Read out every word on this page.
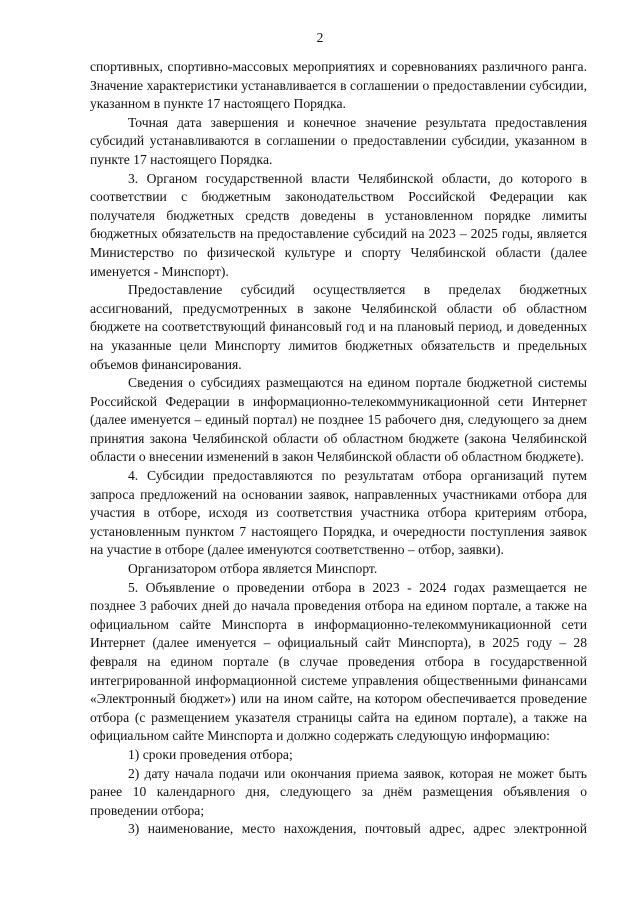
2

спортивных, спортивно-массовых мероприятиях и соревнованиях различного ранга. Значение характеристики устанавливается в соглашении о предоставлении субсидии, указанном в пункте 17 настоящего Порядка.

Точная дата завершения и конечное значение результата предоставления субсидий устанавливаются в соглашении о предоставлении субсидии, указанном в пункте 17 настоящего Порядка.

3. Органом государственной власти Челябинской области, до которого в соответствии с бюджетным законодательством Российской Федерации как получателя бюджетных средств доведены в установленном порядке лимиты бюджетных обязательств на предоставление субсидий на 2023 – 2025 годы, является Министерство по физической культуре и спорту Челябинской области (далее именуется - Минспорт).

Предоставление субсидий осуществляется в пределах бюджетных ассигнований, предусмотренных в законе Челябинской области об областном бюджете на соответствующий финансовый год и на плановый период, и доведенных на указанные цели Минспорту лимитов бюджетных обязательств и предельных объемов финансирования.

Сведения о субсидиях размещаются на едином портале бюджетной системы Российской Федерации в информационно-телекоммуникационной сети Интернет (далее именуется – единый портал) не позднее 15 рабочего дня, следующего за днем принятия закона Челябинской области об областном бюджете (закона Челябинской области о внесении изменений в закон Челябинской области об областном бюджете).

4. Субсидии предоставляются по результатам отбора организаций путем запроса предложений на основании заявок, направленных участниками отбора для участия в отборе, исходя из соответствия участника отбора критериям отбора, установленным пунктом 7 настоящего Порядка, и очередности поступления заявок на участие в отборе (далее именуются соответственно – отбор, заявки).

Организатором отбора является Минспорт.

5. Объявление о проведении отбора в 2023 - 2024 годах размещается не позднее 3 рабочих дней до начала проведения отбора на едином портале, а также на официальном сайте Минспорта в информационно-телекоммуникационной сети Интернет (далее именуется – официальный сайт Минспорта), в 2025 году – 28 февраля на едином портале (в случае проведения отбора в государственной интегрированной информационной системе управления общественными финансами «Электронный бюджет») или на ином сайте, на котором обеспечивается проведение отбора (с размещением указателя страницы сайта на едином портале), а также на официальном сайте Минспорта и должно содержать следующую информацию:

1) сроки проведения отбора;

2) дату начала подачи или окончания приема заявок, которая не может быть ранее 10 календарного дня, следующего за днём размещения объявления о проведении отбора;

3) наименование, место нахождения, почтовый адрес, адрес электронной
